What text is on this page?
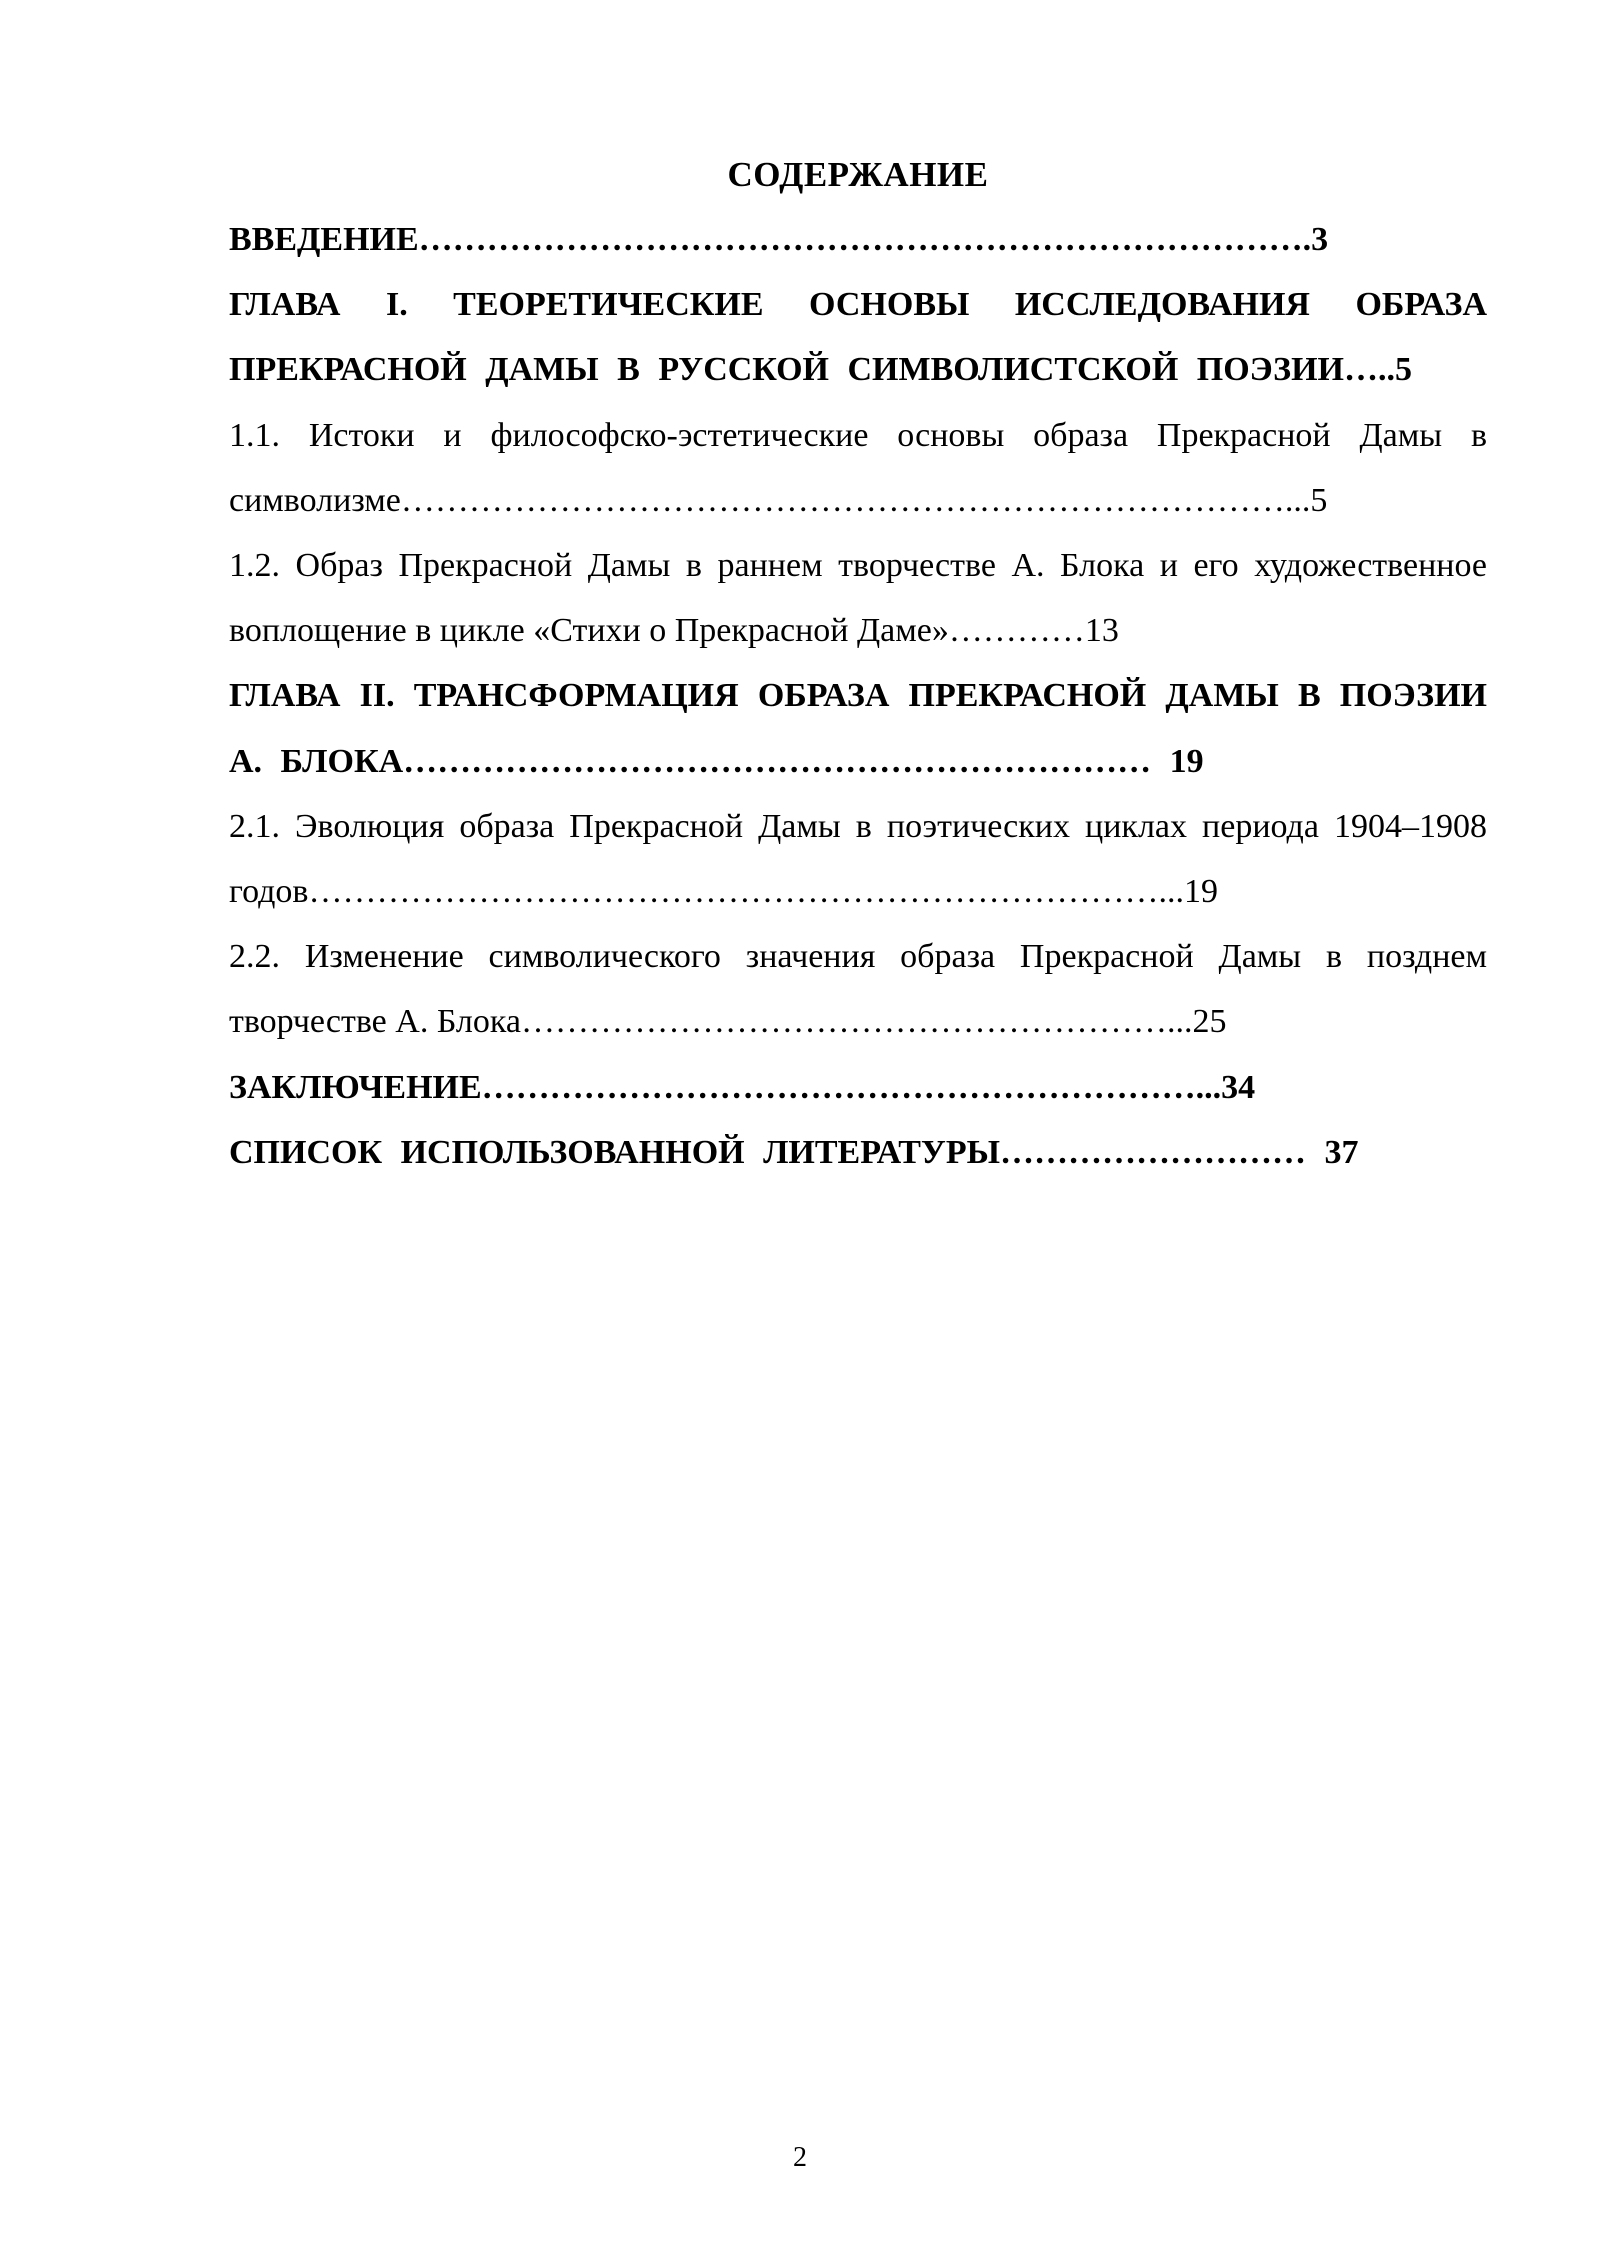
СОДЕРЖАНИЕ

ВВЕДЕНИЕ…………………………………………………………………….3

ГЛАВА I. ТЕОРЕТИЧЕСКИЕ ОСНОВЫ ИССЛЕДОВАНИЯ ОБРАЗА ПРЕКРАСНОЙ ДАМЫ В РУССКОЙ СИМВОЛИСТСКОЙ ПОЭЗИИ…..5

1.1. Истоки и философско-эстетические основы образа Прекрасной Дамы в символизме……………………………………………………………………...5

1.2. Образ Прекрасной Дамы в раннем творчестве А. Блока и его художественное воплощение в цикле «Стихи о Прекрасной Даме»…………13

ГЛАВА II. ТРАНСФОРМАЦИЯ ОБРАЗА ПРЕКРАСНОЙ ДАМЫ В ПОЭЗИИ А. БЛОКА………………………………………………………… 19

2.1. Эволюция образа Прекрасной Дамы в поэтических циклах периода 1904–1908 годов…………………………………………………………………...19

2.2. Изменение символического значения образа Прекрасной Дамы в позднем творчестве А. Блока…………………………………………………...25

ЗАКЛЮЧЕНИЕ………………………………………………………...34

СПИСОК ИСПОЛЬЗОВАННОЙ ЛИТЕРАТУРЫ……………………… 37

2
